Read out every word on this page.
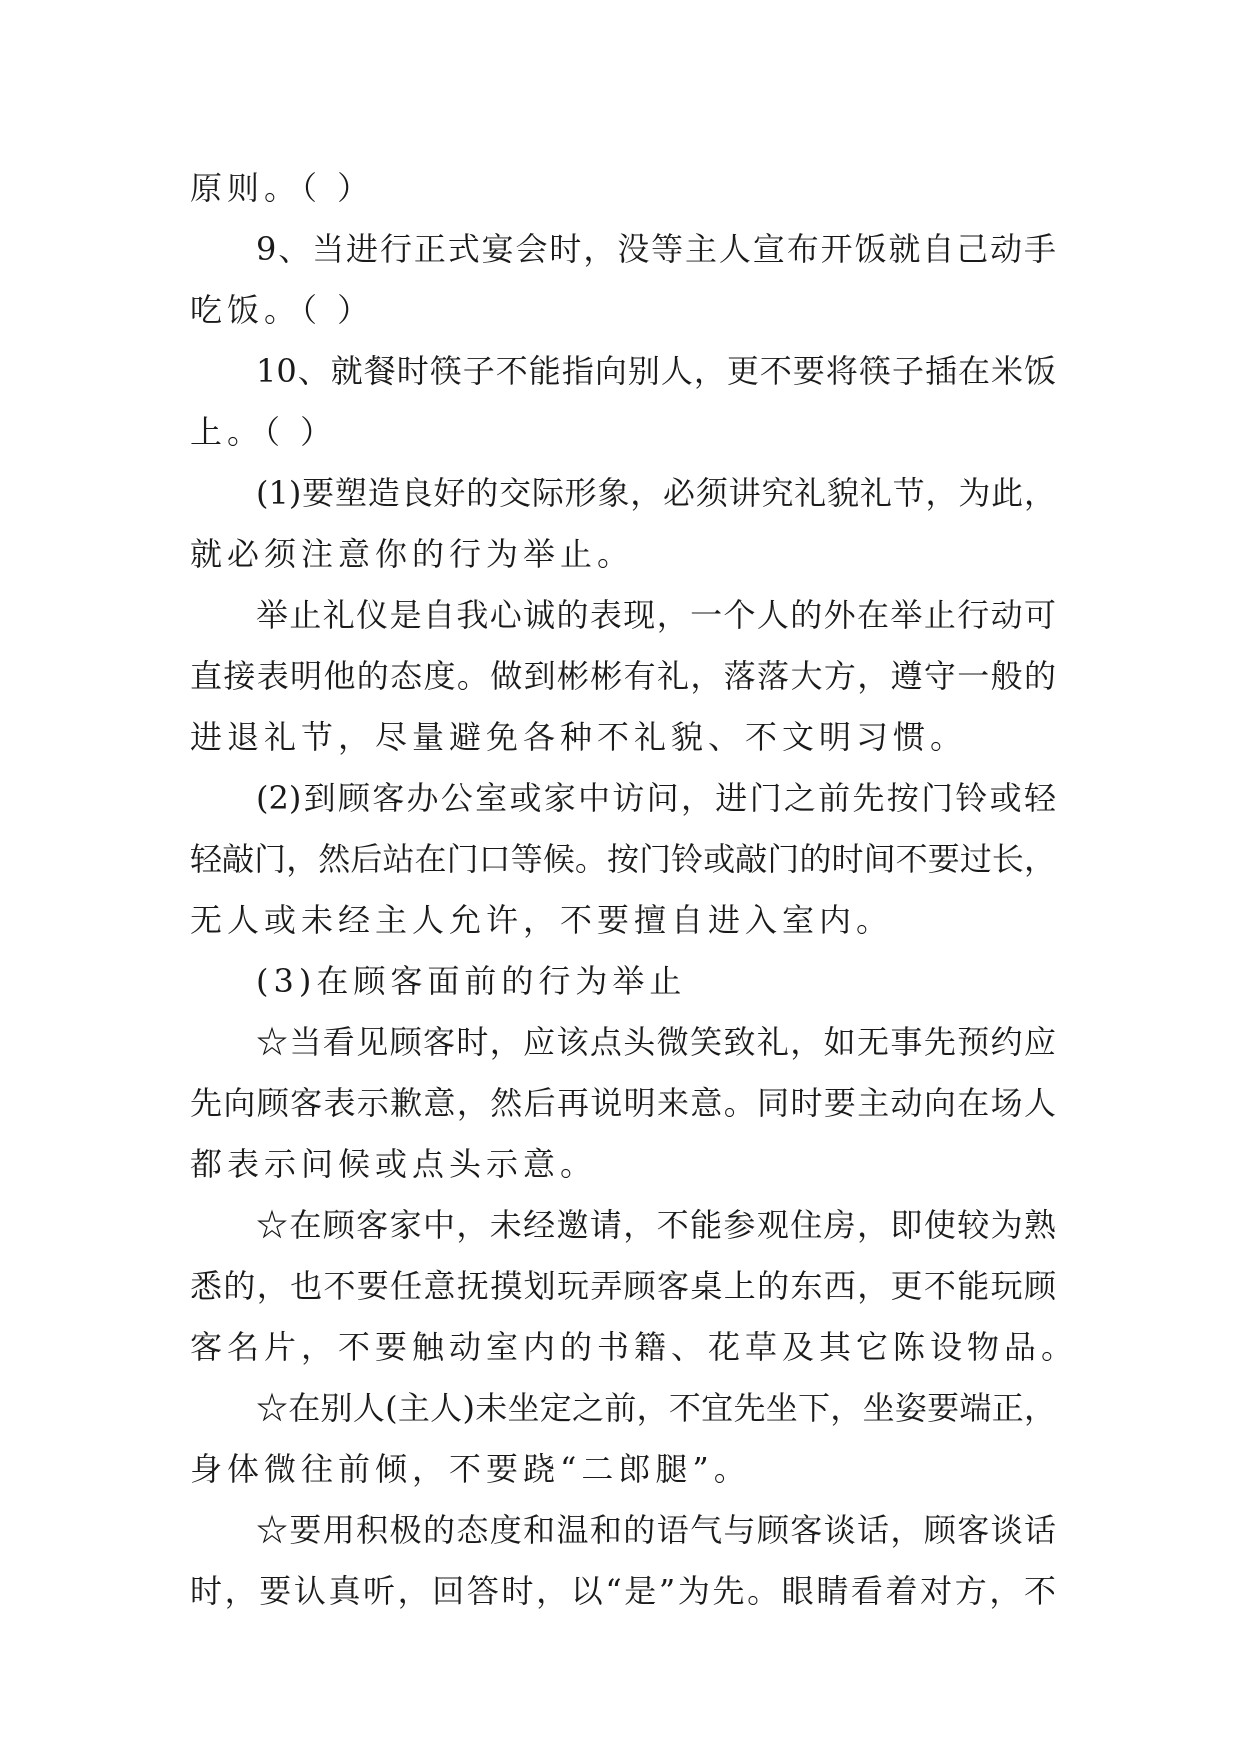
原则。（ ）
9、当进行正式宴会时，没等主人宣布开饭就自己动手
吃饭。（ ）
10、就餐时筷子不能指向别人，更不要将筷子插在米饭
上。（ ）
(1)要塑造良好的交际形象，必须讲究礼貌礼节，为此，
就必须注意你的行为举止。
举止礼仪是自我心诚的表现，一个人的外在举止行动可
直接表明他的态度。做到彬彬有礼，落落大方，遵守一般的
进退礼节，尽量避免各种不礼貌、不文明习惯。
(2)到顾客办公室或家中访问，进门之前先按门铃或轻
轻敲门，然后站在门口等候。按门铃或敲门的时间不要过长，
无人或未经主人允许，不要擅自进入室内。
(3)在顾客面前的行为举止
☆当看见顾客时，应该点头微笑致礼，如无事先预约应
先向顾客表示歉意，然后再说明来意。同时要主动向在场人
都表示问候或点头示意。
☆在顾客家中，未经邀请，不能参观住房，即使较为熟
悉的，也不要任意抚摸划玩弄顾客桌上的东西，更不能玩顾
客名片，不要触动室内的书籍、花草及其它陈设物品。
☆在别人(主人)未坐定之前，不宜先坐下，坐姿要端正，
身体微往前倾，不要跷“二郎腿”。
☆要用积极的态度和温和的语气与顾客谈话，顾客谈话
时，要认真听，回答时，以“是”为先。眼睛看着对方，不
